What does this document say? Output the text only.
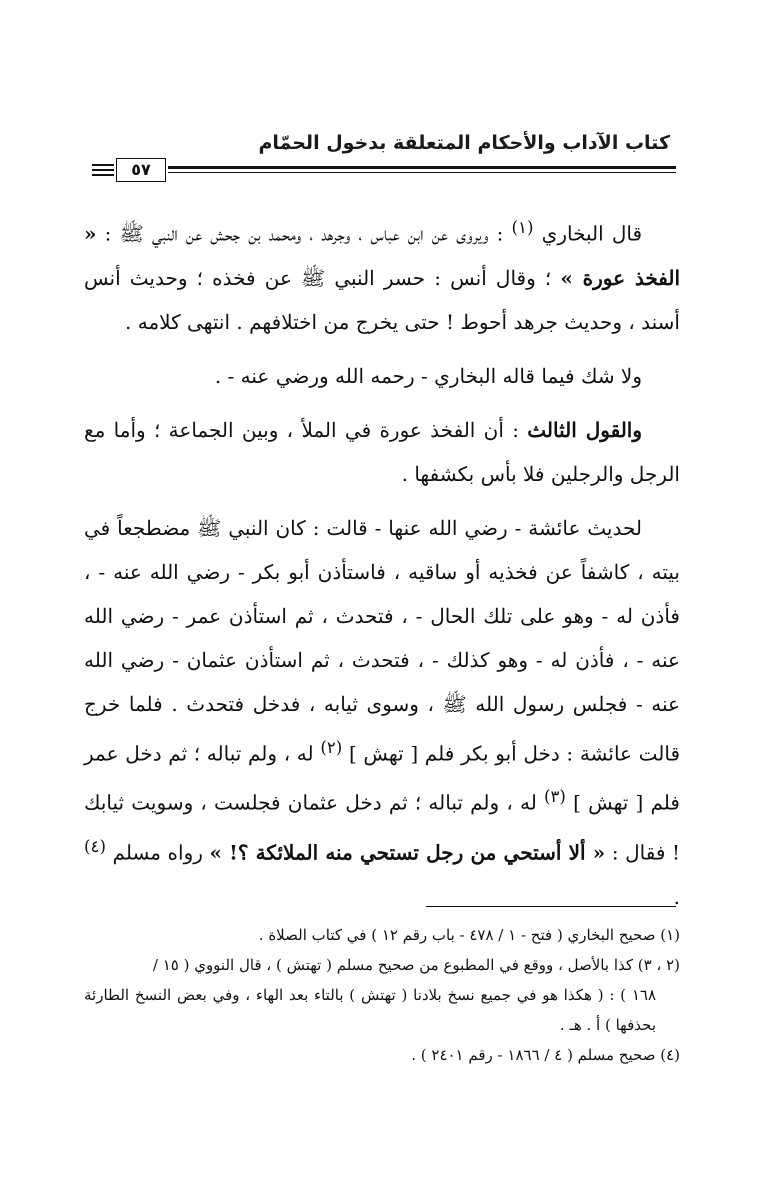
كتاب الآداب والأحكام المتعلقة بدخول الحمّام
٥٧

قال البخاري $^{(١)}$ : ويروى عن ابن عباس ، وجرهد ، ومحمد بن جحش عن النبي ﷺ : « الفخذ عورة » ؛ وقال أنس : حسر النبي ﷺ عن فخذه ؛ وحديث أنس أسند ، وحديث جرهد أحوط ! حتى يخرج من اختلافهم . انتهى كلامه .

ولا شك فيما قاله البخاري - رحمه الله ورضي عنه - .

والقول الثالث : أن الفخذ عورة في الملأ ، وبين الجماعة ؛ وأما مع الرجل والرجلين فلا بأس بكشفها .

لحديث عائشة - رضي الله عنها - قالت : كان النبي ﷺ مضطجعاً في بيته ، كاشفاً عن فخذيه أو ساقيه ، فاستأذن أبو بكر - رضي الله عنه - ، فأذن له - وهو على تلك الحال - ، فتحدث ، ثم استأذن عمر - رضي الله عنه - ، فأذن له - وهو كذلك - ، فتحدث ، ثم استأذن عثمان - رضي الله عنه - فجلس رسول الله ﷺ ، وسوى ثيابه ، فدخل فتحدث . فلما خرج قالت عائشة : دخل أبو بكر فلم [ تهش ] $^{(٢)}$ له ، ولم تباله ؛ ثم دخل عمر فلم [ تهش ] $^{(٣)}$ له ، ولم تباله ؛ ثم دخل عثمان فجلست ، وسويت ثيابك ! فقال : « ألا أستحي من رجل تستحي منه الملائكة ؟! » رواه مسلم $^{(٤)}$ .

(١) صحيح البخاري ( فتح - ١ / ٤٧٨ - باب رقم ١٢ ) في كتاب الصلاة .

(٢ ، ٣) كذا بالأصل ، ووقع في المطبوع من صحيح مسلم ( تهتش ) ، قال النووي ( ١٥ /

١٦٨ ) : ( هكذا هو في جميع نسخ بلادنا ( تهتش ) بالتاء بعد الهاء ، وفي بعض النسخ الطارئة بحذفها ) أ . هـ .

(٤) صحيح مسلم ( ٤ / ١٨٦٦ - رقم ٢٤٠١ ) .
